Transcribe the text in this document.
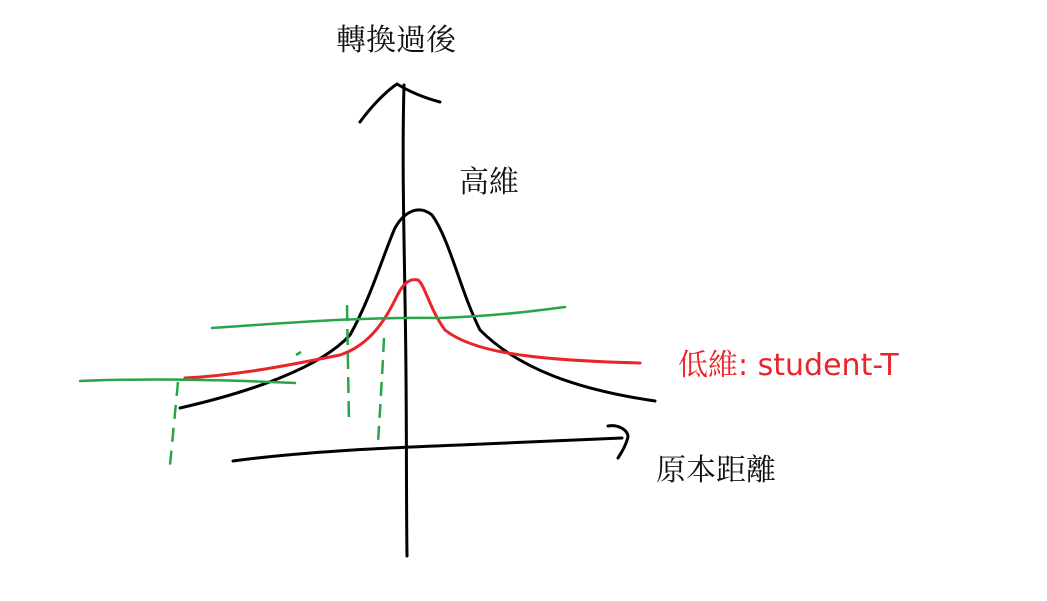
轉換過後
高維
低維: student-T
原本距離
